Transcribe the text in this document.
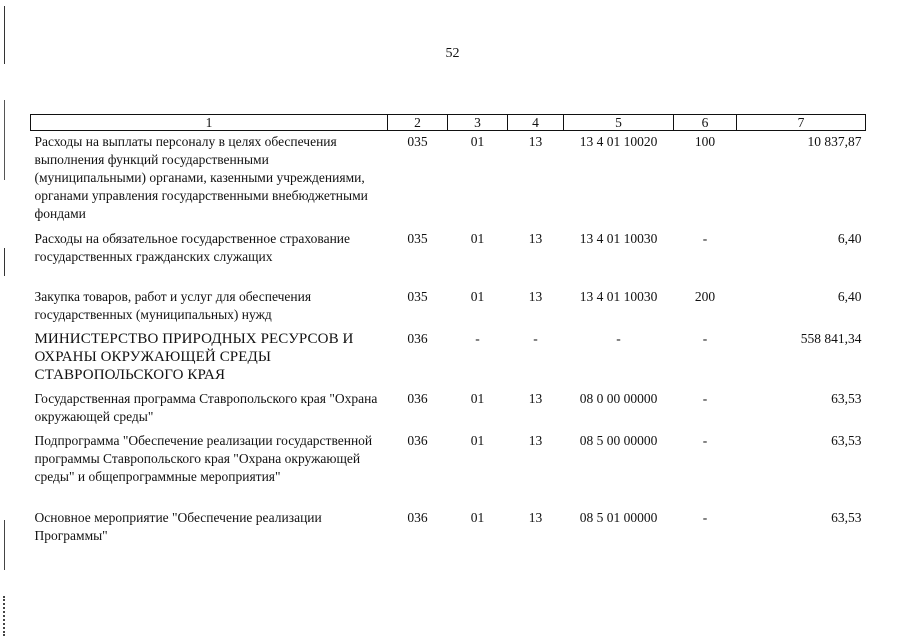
52
1	2	3	4	5	6	7
Расходы на выплаты персоналу в целях обеспечения выполнения функций государственными (муниципальными) органами, казенными учреждениями, органами управления государственными внебюджетными фондами	035	01	13	13 4 01 10020	100	10 837,87
Расходы на обязательное государственное страхование государственных гражданских служащих	035	01	13	13 4 01 10030	-	6,40
Закупка товаров, работ и услуг для обеспечения государственных (муниципальных) нужд	035	01	13	13 4 01 10030	200	6,40
МИНИСТЕРСТВО ПРИРОДНЫХ РЕСУРСОВ И ОХРАНЫ ОКРУЖАЮЩЕЙ СРЕДЫ СТАВРОПОЛЬСКОГО КРАЯ	036	-	-	-	-	558 841,34
Государственная программа Ставропольского края "Охрана окружающей среды"	036	01	13	08 0 00 00000	-	63,53
Подпрограмма "Обеспечение реализации государственной программы Ставропольского края "Охрана окружающей среды" и общепрограммные мероприятия"	036	01	13	08 5 00 00000	-	63,53
Основное мероприятие "Обеспечение реализации Программы"	036	01	13	08 5 01 00000	-	63,53
